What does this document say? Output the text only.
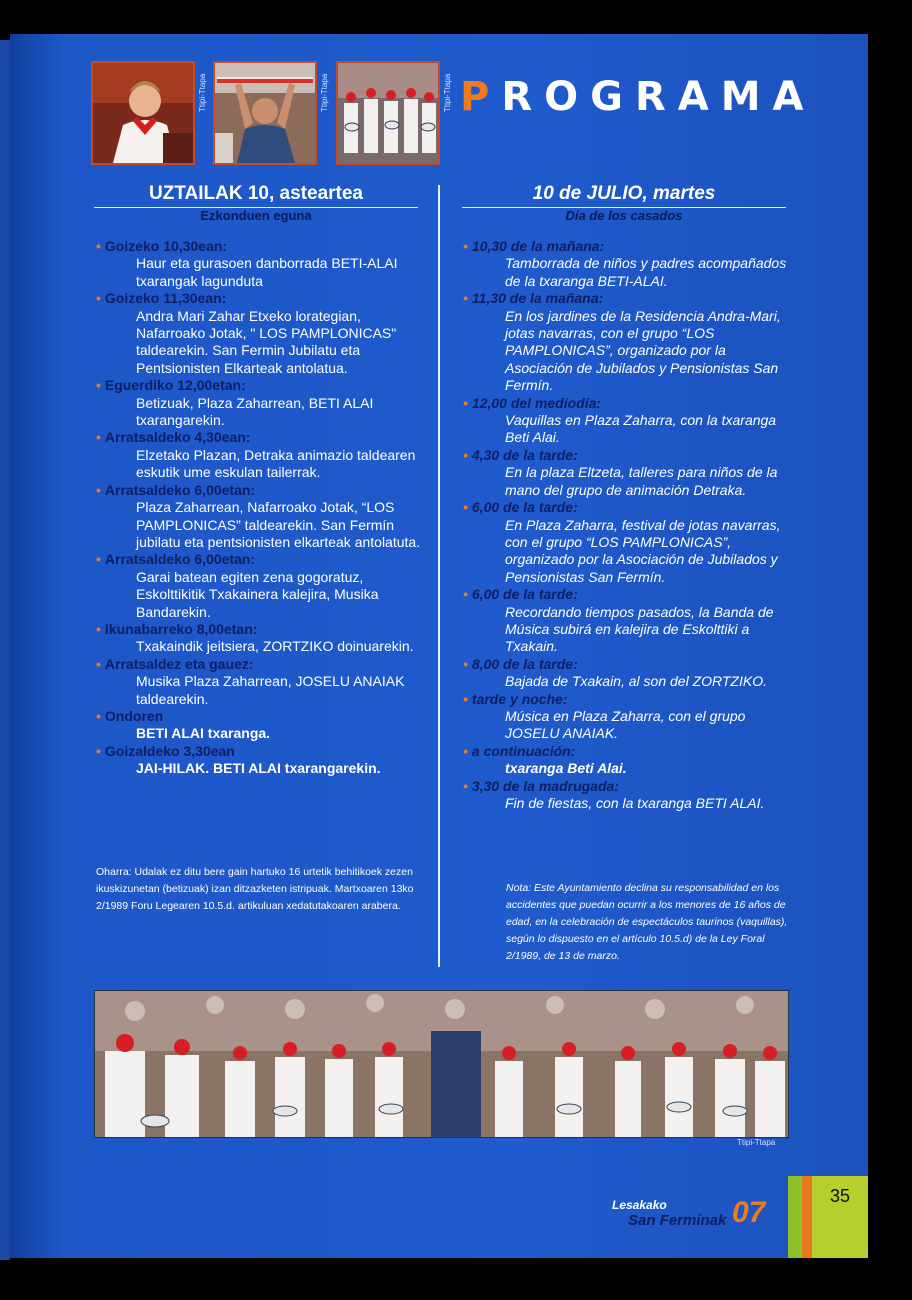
Ttipi-Ttapa	Ttipi-Ttapa	Ttipi-Ttapa PROGRAMA
UZTAILAK 10, asteartea
Ezkonduen eguna
• Goizeko 10,30ean:
Haur eta gurasoen danborrada BETI-ALAI txarangak lagunduta
• Goizeko 11,30ean:
Andra Mari Zahar Etxeko lorategian, Nafarroako Jotak, " LOS PAMPLONICAS" taldearekin. San Fermin Jubilatu eta Pentsionisten Elkarteak antolatua.
• Eguerdiko 12,00etan:
Betizuak, Plaza Zaharrean, BETI ALAI txarangarekin.
• Arratsaldeko 4,30ean:
Elzetako Plazan, Detraka animazio taldearen eskutik ume eskulan tailerrak.
• Arratsaldeko 6,00etan:
Plaza Zaharrean, Nafarroako Jotak, “LOS PAMPLONICAS” taldearekin. San Fermín jubilatu eta pentsionisten elkarteak antolatuta.
• Arratsaldeko 6,00etan:
Garai batean egiten zena gogoratuz, Eskolttikitik Txakainera kalejira, Musika Bandarekin.
• Ikunabarreko 8,00etan:
Txakaindik jeitsiera, ZORTZIKO doinuarekin.
• Arratsaldez eta gauez:
Musika Plaza Zaharrean, JOSELU ANAIAK taldearekin.
• Ondoren
BETI ALAI txaranga.
• Goizaldeko 3,30ean
JAI-HILAK. BETI ALAI txarangarekin.
Oharra: Udalak ez ditu bere gain hartuko 16 urtetik behitikoek zezen ikuskizunetan (betizuak) izan ditzazketen istripuak. Martxoaren 13ko 2/1989 Foru Legearen 10.5.d. artikuluan xedatutakoaren arabera.
10 de JULIO, martes
Día de los casados
• 10,30 de la mañana:
Tamborrada de niños y padres acompañados de la txaranga BETI-ALAI.
• 11,30 de la mañana:
En los jardines de la Residencia Andra-Mari, jotas navarras, con el grupo “LOS PAMPLONICAS”, organizado por la Asociación de Jubilados y Pensionistas San Fermín.
• 12,00 del mediodía:
Vaquillas en Plaza Zaharra, con la txaranga Beti Alai.
• 4,30 de la tarde:
En la plaza Eltzeta, talleres para niños de la mano del grupo de animación Detraka.
• 6,00 de la tarde:
En Plaza Zaharra, festival de jotas navarras, con el grupo “LOS PAMPLONICAS”, organizado por la Asociación de Jubilados y Pensionistas San Fermín.
• 6,00 de la tarde:
Recordando tiempos pasados, la Banda de Música subirá en kalejira de Eskolttiki a Txakain.
• 8,00 de la tarde:
Bajada de Txakain, al son del ZORTZIKO.
• tarde y noche:
Música en Plaza Zaharra, con el grupo JOSELU ANAIAK.
• a continuación:
txaranga Beti Alai.
• 3,30 de la madrugada:
Fin de fiestas, con la txaranga BETI ALAI.
Nota: Este Ayuntamiento declina su responsabilidad en los accidentes que puedan ocurrir a los menores de 16 años de edad, en la celebración de espectáculos taurinos (vaquillas), según lo dispuesto en el artículo 10.5.d) de la Ley Foral 2/1989, de 13 de marzo.
Ttipi-Ttapa
Lesakako
San Ferminak 07	35
